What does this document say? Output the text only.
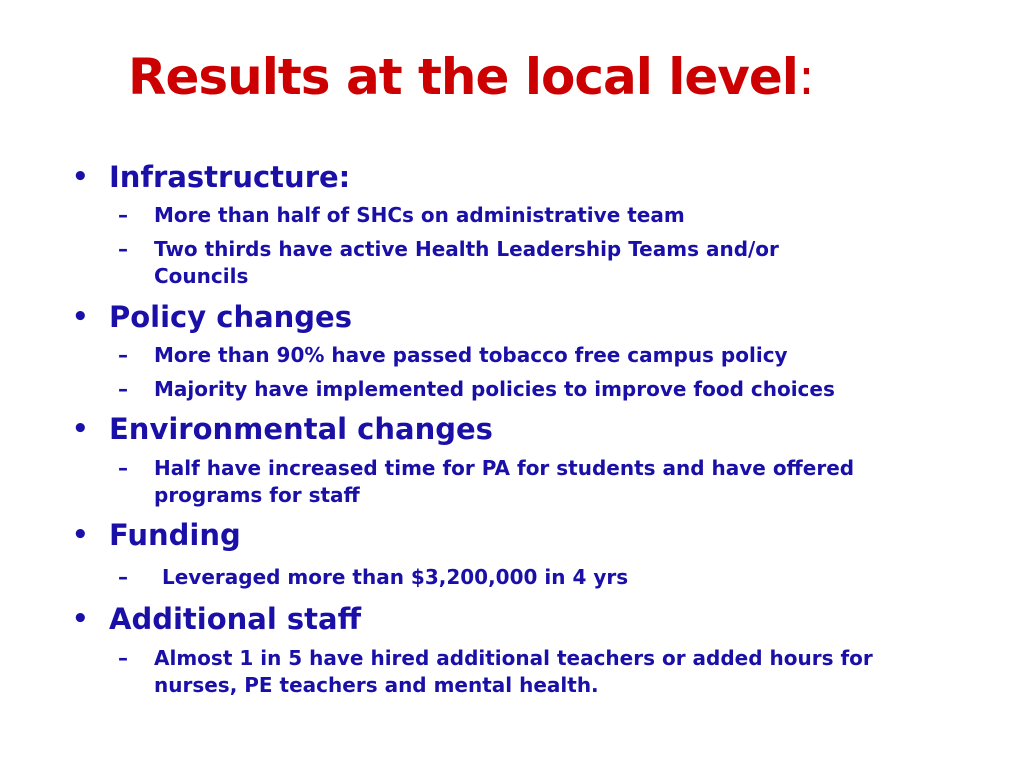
Results at the local level:
• Infrastructure:
– More than half of SHCs on administrative team
– Two thirds have active Health Leadership Teams and/or Councils
• Policy changes
– More than 90% have passed tobacco free campus policy
– Majority have implemented policies to improve food choices
• Environmental changes
– Half have increased time for PA for students and have offered programs for staff
• Funding
– Leveraged more than $3,200,000 in 4 yrs
• Additional staff
– Almost 1 in 5 have hired additional teachers or added hours for nurses, PE teachers and mental health.
